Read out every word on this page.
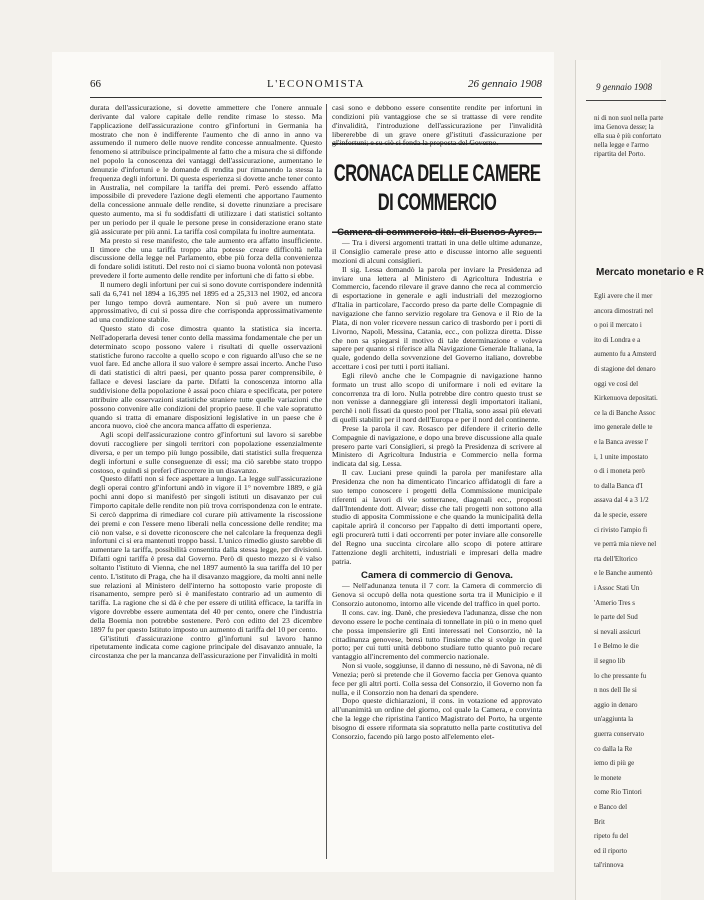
9 gennaio 1908
ni di non suol nella parte
ima Genova desse; la
ella sua è più confortato
nella legge e l'armo
ripartita del Porto.
Mercato monetario e R
Egli avere che il mer
ancora dimostrati nel
o poi il mercato i
ito di Londra e a
aumento fu a Amsterd
di stagione del denaro
oggi ve così del
Kirkenuova depositati.
ce la di Banche Assoc
imo generale delle te
e la Banca avesse l'
i, 1 unite impostato
o di i moneta però
to dalla Banca d'I
assava dal 4 a 3 1/2
da le specie, essere
ci rivisto l'ampio fi
ve perrà mia nieve nel
rta dell'Eltorico
e le Banche aumentò
i Assoc Stati Un
'Amerio Tres s
le parte del Sud
si nevali assicuri
I e Belmo le die
il segno lib
lo che pressante fu
n nos dell Ile si
aggio in denaro
un'aggiunta la
guerra conservato
co dalla la Re
iemo di più ge
le monete
come Rio Tintori
e Banco del
Brit
ripeto fu del
ed il riporto
tal'rinnova
66	L'ECONOMISTA	26 gennaio 1908

durata dell'assicurazione, si dovette ammettere che l'onere annuale derivante dal valore capitale delle rendite rimase lo stesso. Ma l'applicazione dell'assicurazione contro gl'infortuni in Germania ha mostrato che non è indifferente l'aumento che di anno in anno va assumendo il numero delle nuove rendite concesse annualmente. Questo fenomeno si attribuisce principalmente al fatto che a misura che si diffonde nel popolo la conoscenza dei vantaggi dell'assicurazione, aumentano le denunzie d'infortuni e le domande di rendita pur rimanendo la stessa la frequenza degli infortuni. Di questa esperienza si dovette anche tener conto in Australia, nel compilare la tariffa dei premi. Però essendo affatto impossibile di prevedere l'azione degli elementi che apportano l'aumento della concessione annuale delle rendite, si dovette rinunziare a precisare questo aumento, ma si fu soddisfatti di utilizzare i dati statistici soltanto per un periodo per il quale le persone prese in considerazione erano state già assicurate per più anni. La tariffa così compilata fu inoltre aumentata.

Ma presto si rese manifesto, che tale aumento era affatto insufficiente. Il timore che una tariffa troppo alta potesse creare difficoltà nella discussione della legge nel Parlamento, ebbe più forza della convenienza di fondare solidi istituti. Del resto noi ci siamo buona volontà non potevasi prevedere il forte aumento delle rendite per infortuni che di fatto si ebbe.

Il numero degli infortuni per cui si sono dovute corrispondere indennità salì da 6,741 nel 1894 a 16,395 nel 1895 ed a 25,313 nel 1902, ed ancora per lungo tempo dovrà aumentare. Non si può avere un numero approssimativo, di cui si possa dire che corrisponda approssimativamente ad una condizione stabile.

Questo stato di cose dimostra quanto la statistica sia incerta. Nell'adoperarla devesi tener conto della massima fondamentale che per un determinato scopo possono valere i risultati di quelle osservazioni statistiche furono raccolte a quello scopo e con riguardo all'uso che se ne vuol fare. Ed anche allora il suo valore è sempre assai incerto. Anche l'uso di dati statistici di altri paesi, per quanto possa parer comprensibile, è fallace e devesi lasciare da parte. Difatti la conoscenza intorno alla suddivisione della popolazione è assai poco chiara e specificata, per potere attribuire alle osservazioni statistiche straniere tutte quelle variazioni che possono convenire alle condizioni del proprio paese. Il che vale sopratutto quando si tratta di emanare disposizioni legislative in un paese che è ancora nuovo, cioè che ancora manca affatto di esperienza.

Agli scopi dell'assicurazione contro gl'infortuni sul lavoro si sarebbe dovuti raccogliere per singoli territori con popolazione essenzialmente diversa, e per un tempo più lungo possibile, dati statistici sulla frequenza degli infortuni e sulle conseguenze di essi; ma ciò sarebbe stato troppo costoso, e quindi si preferì d'incorrere in un disavanzo.

Questo difatti non si fece aspettare a lungo. La legge sull'assicurazione degli operai contro gl'infortuni andò in vigore il 1° novembre 1889, e già pochi anni dopo si manifestò per singoli istituti un disavanzo per cui l'importo capitale delle rendite non più trova corrispondenza con le entrate. Si cercò dapprima di rimediare col curare più attivamente la riscossione dei premi e con l'essere meno liberali nella concessione delle rendite; ma ciò non valse, e si dovette riconoscere che nel calcolare la frequenza degli infortuni ci si era mantenuti troppo bassi. L'unico rimedio giusto sarebbe di aumentare la tariffa, possibilità consentita dalla stessa legge, per divisioni. Difatti ogni tariffa è presa dal Governo. Però di questo mezzo si è valso soltanto l'istituto di Vienna, che nel 1897 aumentò la sua tariffa del 10 per cento. L'istituto di Praga, che ha il disavanzo maggiore, da molti anni nelle sue relazioni al Ministero dell'interno ha sottoposto varie proposte di risanamento, sempre però si è manifestato contrario ad un aumento di tariffa. La ragione che si dà è che per essere di utilità efficace, la tariffa in vigore dovrebbe essere aumentata del 40 per cento, onere che l'industria della Boemia non potrebbe sostenere. Però con editto del 23 dicembre 1897 fu per questo Istituto imposto un aumento di tariffa del 10 per cento.

Gl'istituti d'assicurazione contro gl'infortuni sul lavoro hanno ripetutamente indicata come cagione principale del disavanzo annuale, la circostanza che per la mancanza dell'assicurazione per l'invalidità in molti

casi sono e debbono essere consentite rendite per infortuni in condizioni più vantaggiose che se si trattasse di vere rendite d'invalidità, l'introduzione dell'assicurazione per l'invalidità libererebbe di un grave onere gl'istituti d'assicurazione per gl'infortuni; e su ciò si fonda la proposta del Governo.

CRONACA DELLE CAMERE DI COMMERCIO
Camera di commercio ital. di Buenos Ayres.

— Tra i diversi argomenti trattati in una delle ultime adunanze, il Consiglio camerale prese atto e discusse intorno alle seguenti mozioni di alcuni consiglieri.

Il sig. Lessa domandò la parola per inviare la Presidenza ad inviare una lettera al Ministero di Agricoltura Industria e Commercio, facendo rilevare il grave danno che reca al commercio di esportazione in generale e agli industriali del mezzogiorno d'Italia in particolare, l'accordo preso da parte delle Compagnie di navigazione che fanno servizio regolare tra Genova e il Rio de la Plata, di non voler ricevere nessun carico di trasbordo per i porti di Livorno, Napoli, Messina, Catania, ecc., con polizza diretta. Disse che non sa spiegarsi il motivo di tale determinazione e voleva sapere per quanto si riferisce alla Navigazione Generale Italiana, la quale, godendo della sovvenzione del Governo italiano, dovrebbe accettare i così per tutti i porti italiani.

Egli rilevò anche che le Compagnie di navigazione hanno formato un trust allo scopo di uniformare i noli ed evitare la concorrenza tra di loro. Nulla potrebbe dire contro questo trust se non venisse a danneggiare gli interessi degli importatori italiani, perchè i noli fissati da questo pool per l'Italia, sono assai più elevati di quelli stabiliti per il nord dell'Europa e per il nord del continente.

Prese la parola il cav. Rosasco per difendere il criterio delle Compagnie di navigazione, e dopo una breve discussione alla quale presero parte vari Consiglieri, si pregò la Presidenza di scrivere al Ministero di Agricoltura Industria e Commercio nella forma indicata dal sig. Lessa.

Il cav. Luciani prese quindi la parola per manifestare alla Presidenza che non ha dimenticato l'incarico affidatogli di fare a suo tempo conoscere i progetti della Commissione municipale riferenti ai lavori di vie sotterranee, diagonali ecc., proposti dall'Intendente dott. Alvear; disse che tali progetti non sottono alla studio di apposita Commissione e che quando la municipalità della capitale aprirà il concorso per l'appalto di detti importanti opere, egli procurerà tutti i dati occorrenti per poter inviare alle consorelle del Regno una succinta circolare allo scopo di potere attirare l'attenzione degli architetti, industriali e impresari della madre patria.

Camera di commercio di Genova.

— Nell'adunanza tenuta il 7 corr. la Camera di commercio di Genova si occupò della nota questione sorta tra il Municipio e il Consorzio autonomo, intorno alle vicende del traffico in quel porto.

Il cons. cav. ing. Danè, che presiedeva l'adunanza, disse che non devono essere le poche centinaia di tonnellate in più o in meno quel che possa impensierire gli Enti interessati nel Consorzio, nè la cittadinanza genovese, bensì tutto l'insieme che si svolge in quel porto; per cui tutti unità debbono studiare tutto quanto può recare vantaggio all'incremento del commercio nazionale.

Non si vuole, soggiunse, il danno di nessuno, nè di Savona, nè di Venezia; però si pretende che il Governo faccia per Genova quanto fece per gli altri porti. Colla sessa del Consorzio, il Governo non fa nulla, e il Consorzio non ha denari da spendere.

Dopo queste dichiarazioni, il cons. in votazione ed approvato all'unanimità un ordine del giorno, col quale la Camera, e convinta che la legge che ripristina l'antico Magistrato del Porto, ha urgente bisogno di essere riformata sia sopratutto nella parte costitutiva del Consorzio, facendo più largo posto all'elemento elet-
